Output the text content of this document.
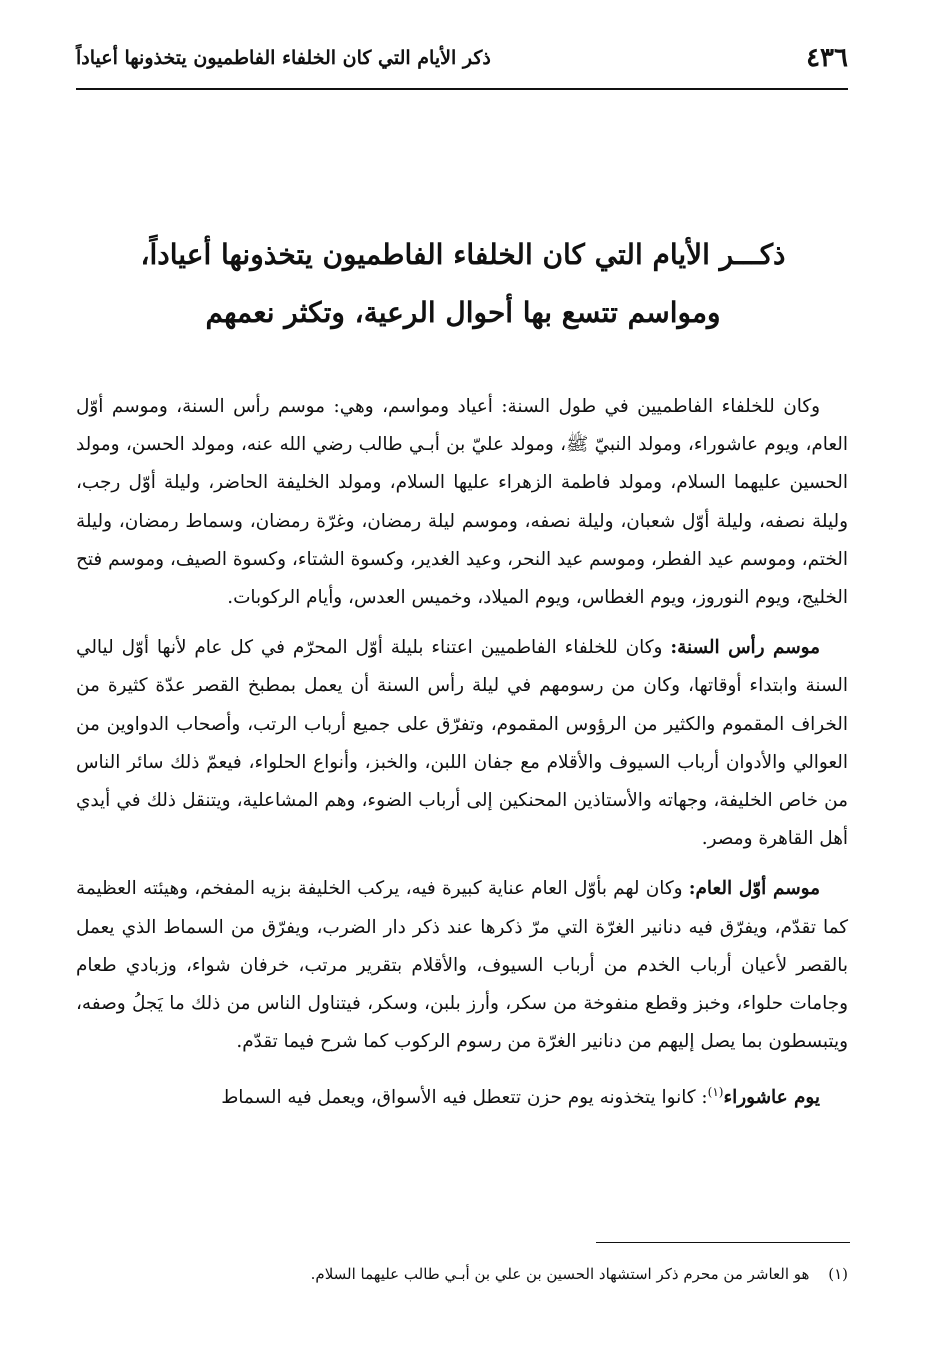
٤٣٦
ذكر الأيام التي كان الخلفاء الفاطميون يتخذونها أعياداً
ذكـــر الأيام التي كان الخلفاء الفاطميون يتخذونها أعياداً،
ومواسم تتسع بها أحوال الرعية، وتكثر نعمهم

وكان للخلفاء الفاطميين في طول السنة: أعياد ومواسم، وهي: موسم رأس السنة، وموسم أوّل العام، ويوم عاشوراء، ومولد النبيّ ﷺ، ومولد عليّ بن أبـي طالب رضي الله عنه، ومولد الحسن، ومولد الحسين عليهما السلام، ومولد فاطمة الزهراء عليها السلام، ومولد الخليفة الحاضر، وليلة أوّل رجب، وليلة نصفه، وليلة أوّل شعبان، وليلة نصفه، وموسم ليلة رمضان، وغرّة رمضان، وسماط رمضان، وليلة الختم، وموسم عيد الفطر، وموسم عيد النحر، وعيد الغدير، وكسوة الشتاء، وكسوة الصيف، وموسم فتح الخليج، ويوم النوروز، ويوم الغطاس، ويوم الميلاد، وخميس العدس، وأيام الركوبات.

موسم رأس السنة: وكان للخلفاء الفاطميين اعتناء بليلة أوّل المحرّم في كل عام لأنها أوّل ليالي السنة وابتداء أوقاتها، وكان من رسومهم في ليلة رأس السنة أن يعمل بمطبخ القصر عدّة كثيرة من الخراف المقموم والكثير من الرؤوس المقموم، وتفرّق على جميع أرباب الرتب، وأصحاب الدواوين من العوالي والأدوان أرباب السيوف والأقلام مع جفان اللبن، والخبز، وأنواع الحلواء، فيعمّ ذلك سائر الناس من خاص الخليفة، وجهاته والأستاذين المحنكين إلى أرباب الضوء، وهم المشاعلية، ويتنقل ذلك في أيدي أهل القاهرة ومصر.

موسم أوّل العام: وكان لهم بأوّل العام عناية كبيرة فيه، يركب الخليفة بزيه المفخم، وهيئته العظيمة كما تقدّم، ويفرّق فيه دنانير الغرّة التي مرّ ذكرها عند ذكر دار الضرب، ويفرّق من السماط الذي يعمل بالقصر لأعيان أرباب الخدم من أرباب السيوف، والأقلام بتقرير مرتب، خرفان شواء، وزبادي طعام وجامات حلواء، وخبز وقطع منفوخة من سكر، وأرز بلبن، وسكر، فيتناول الناس من ذلك ما يَجلُ وصفه، ويتبسطون بما يصل إليهم من دنانير الغرّة من رسوم الركوب كما شرح فيما تقدّم.

يوم عاشوراء$^{(١)}$: كانوا يتخذونه يوم حزن تتعطل فيه الأسواق، ويعمل فيه السماط

(١) هو العاشر من محرم ذكر استشهاد الحسين بن علي بن أبـي طالب عليهما السلام.
